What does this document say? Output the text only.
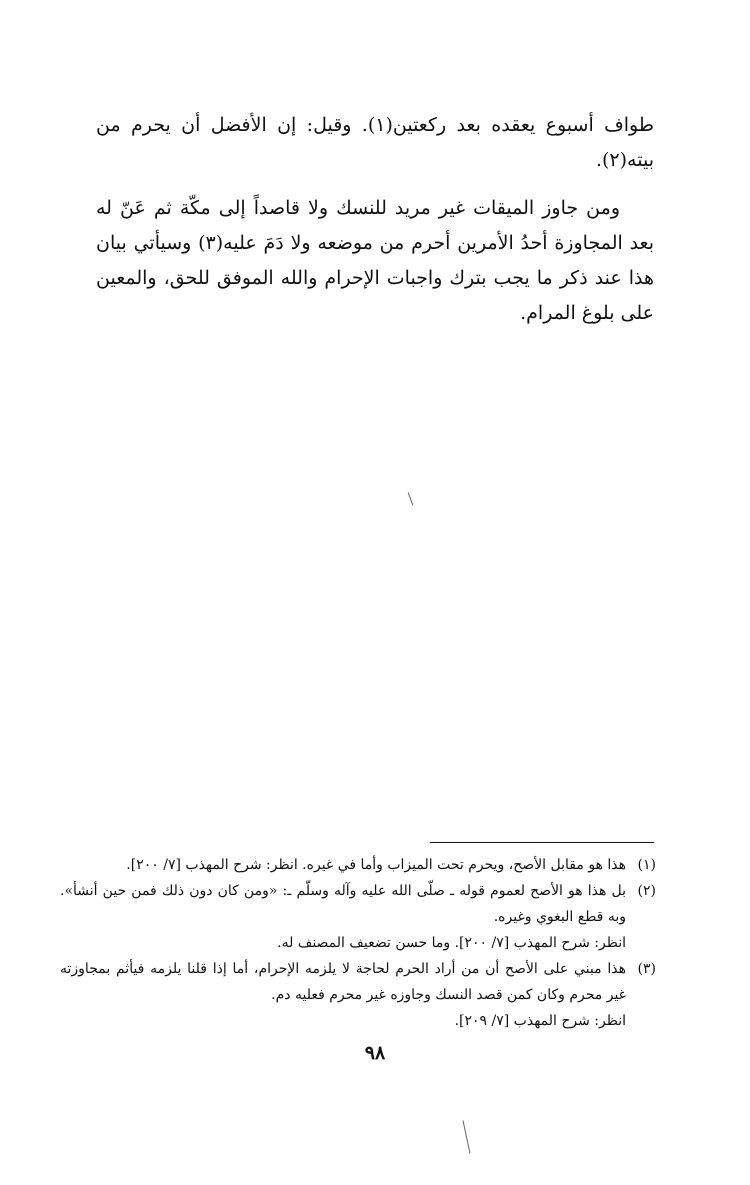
طواف أسبوع يعقده بعد ركعتين(١). وقيل: إن الأفضل أن يحرم من بيته(٢).

ومن جاوز الميقات غير مريد للنسك ولا قاصداً إلى مكّة ثم عَنّ له بعد المجاوزة أحدُ الأمرين أحرم من موضعه ولا دَمَ عليه(٣) وسيأتي بيان هذا عند ذكر ما يجب بترك واجبات الإحرام والله الموفق للحق، والمعين على بلوغ المرام.

(١)
هذا هو مقابل الأصح، ويحرم تحت الميزاب وأما في غيره. انظر: شرح المهذب [٧/ ٢٠٠].
(٢)
بل هذا هو الأصح لعموم قوله ـ صلّى الله عليه وآله وسلّم ـ: «ومن كان دون ذلك فمن حين أنشأ». وبه قطع البغوي وغيره.
انظر: شرح المهذب [٧/ ٢٠٠]. وما حسن تضعيف المصنف له.
(٣)
هذا مبني على الأصح أن من أراد الحرم لحاجة لا يلزمه الإحرام، أما إذا قلنا يلزمه فيأثم بمجاوزته غير محرم وكان كمن قصد النسك وجاوزه غير محرم فعليه دم.
انظر: شرح المهذب [٧/ ٢٠٩].
٩٨
